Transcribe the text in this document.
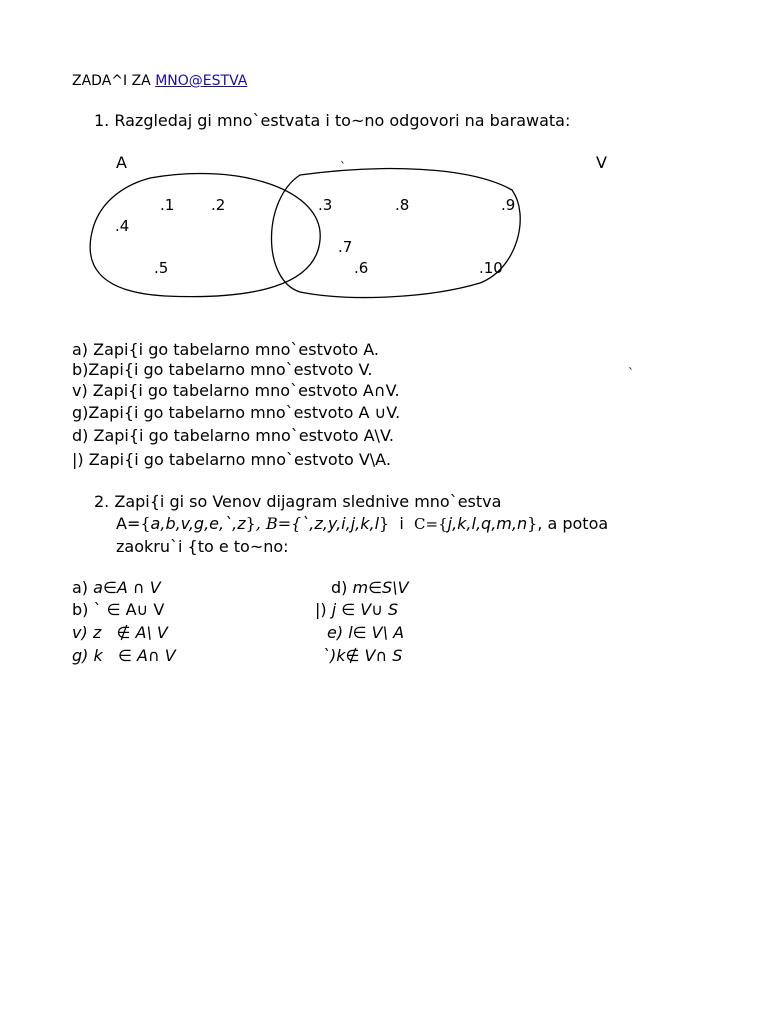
ZADA^I ZA MNO@ESTVA
1. Razgledaj gi mno`estvata i to~no odgovori na barawata:
A	V
.1 .2	.3	.8	.9
.4
.7
.5	.6	.10
`
`
a) Zapi{i go tabelarno mno`estvoto A.
b)Zapi{i go tabelarno mno`estvoto V.
v) Zapi{i go tabelarno mno`estvoto A∩V.
g)Zapi{i go tabelarno mno`estvoto A ∪V.
d) Zapi{i go tabelarno mno`estvoto A\V.
|) Zapi{i go tabelarno mno`estvoto V\A.
2. Zapi{i gi so Venov dijagram slednive mno`estva
A={a,b,v,g,e,`,z}, B={`,z,y,i,j,k,l} i C={j,k,l,q,m,n}, a potoa
zaokru`i {to e to~no:
a) a∈A ∩ V
b) ` ∈ A∪ V
v) z   ∉ A\ V
g) k   ∈ A∩ V
d) m∈S\V
|) j ∈ V∪ S
e) l∈ V\ A
`)k∉ V∩ S
